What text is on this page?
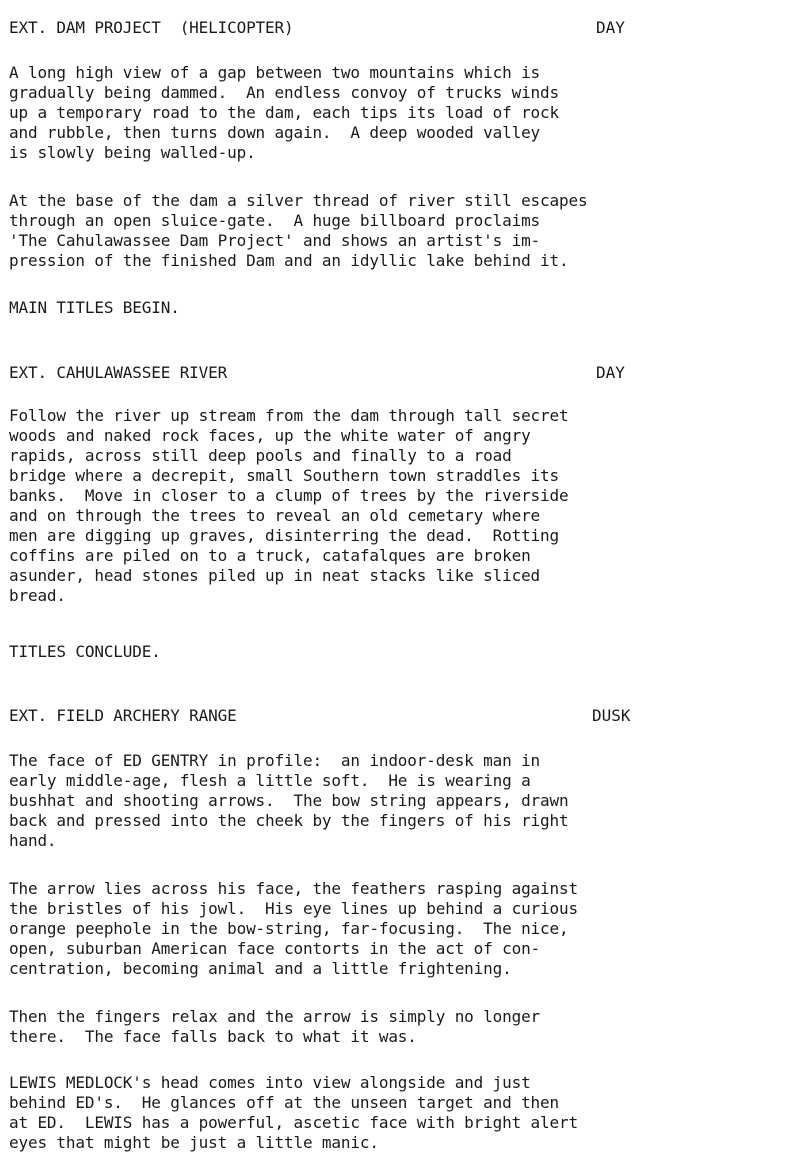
EXT. DAM PROJECT  (HELICOPTER)	DAY

A long high view of a gap between two mountains which is

gradually being dammed.  An endless convoy of trucks winds

up a temporary road to the dam, each tips its load of rock

and rubble, then turns down again.  A deep wooded valley

is slowly being walled-up.

At the base of the dam a silver thread of river still escapes

through an open sluice-gate.  A huge billboard proclaims

'The Cahulawassee Dam Project' and shows an artist's im-

pression of the finished Dam and an idyllic lake behind it.

MAIN TITLES BEGIN.

EXT. CAHULAWASSEE RIVER	DAY

Follow the river up stream from the dam through tall secret

woods and naked rock faces, up the white water of angry

rapids, across still deep pools and finally to a road

bridge where a decrepit, small Southern town straddles its

banks.  Move in closer to a clump of trees by the riverside

and on through the trees to reveal an old cemetary where

men are digging up graves, disinterring the dead.  Rotting

coffins are piled on to a truck, catafalques are broken

asunder, head stones piled up in neat stacks like sliced

bread.

TITLES CONCLUDE.

EXT. FIELD ARCHERY RANGE	DUSK

The face of ED GENTRY in profile:  an indoor-desk man in

early middle-age, flesh a little soft.  He is wearing a

bushhat and shooting arrows.  The bow string appears, drawn

back and pressed into the cheek by the fingers of his right

hand.

The arrow lies across his face, the feathers rasping against

the bristles of his jowl.  His eye lines up behind a curious

orange peephole in the bow-string, far-focusing.  The nice,

open, suburban American face contorts in the act of con-

centration, becoming animal and a little frightening.

Then the fingers relax and the arrow is simply no longer

there.  The face falls back to what it was.

LEWIS MEDLOCK's head comes into view alongside and just

behind ED's.  He glances off at the unseen target and then

at ED.  LEWIS has a powerful, ascetic face with bright alert

eyes that might be just a little manic.
